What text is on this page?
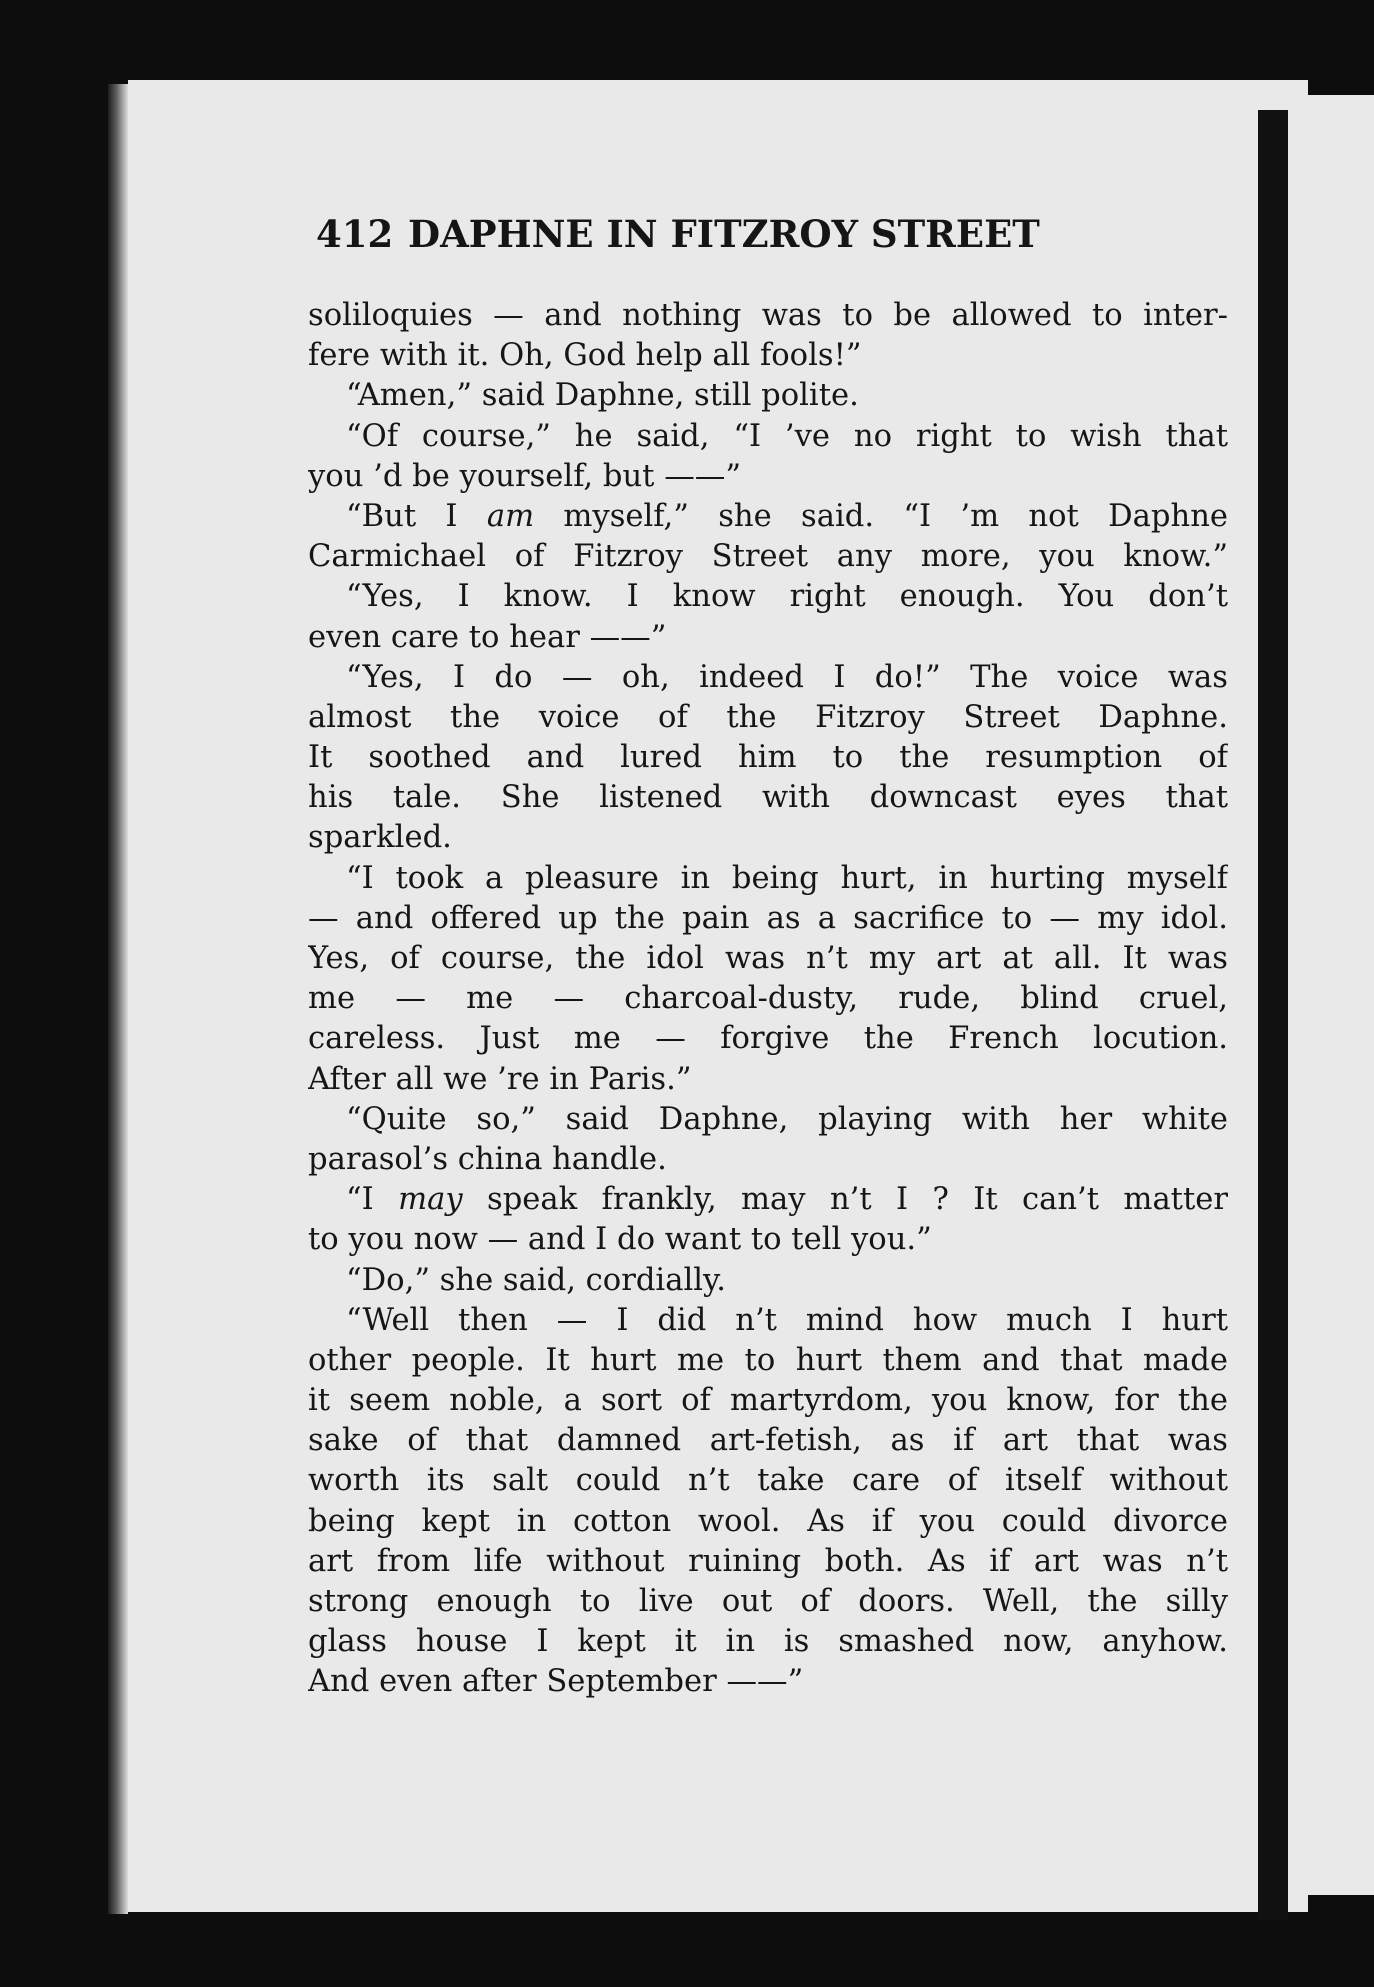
412 DAPHNE IN FITZROY STREET
soliloquies — and nothing was to be allowed to inter-
fere with it. Oh, God help all fools!”
“Amen,” said Daphne, still polite.
“Of course,” he said, “I ’ve no right to wish that
you ’d be yourself, but ——”
“But I am myself,” she said. “I ’m not Daphne
Carmichael of Fitzroy Street any more, you know.”
“Yes, I know. I know right enough. You don’t
even care to hear ——”
“Yes, I do — oh, indeed I do!” The voice was
almost the voice of the Fitzroy Street Daphne.
It soothed and lured him to the resumption of
his tale. She listened with downcast eyes that
sparkled.
“I took a pleasure in being hurt, in hurting myself
— and offered up the pain as a sacrifice to — my idol.
Yes, of course, the idol was n’t my art at all. It was
me — me — charcoal-dusty, rude, blind cruel,
careless. Just me — forgive the French locution.
After all we ’re in Paris.”
“Quite so,” said Daphne, playing with her white
parasol’s china handle.
“I may speak frankly, may n’t I ? It can’t matter
to you now — and I do want to tell you.”
“Do,” she said, cordially.
“Well then — I did n’t mind how much I hurt
other people. It hurt me to hurt them and that made
it seem noble, a sort of martyrdom, you know, for the
sake of that damned art-fetish, as if art that was
worth its salt could n’t take care of itself without
being kept in cotton wool. As if you could divorce
art from life without ruining both. As if art was n’t
strong enough to live out of doors. Well, the silly
glass house I kept it in is smashed now, anyhow.
And even after September ——”
